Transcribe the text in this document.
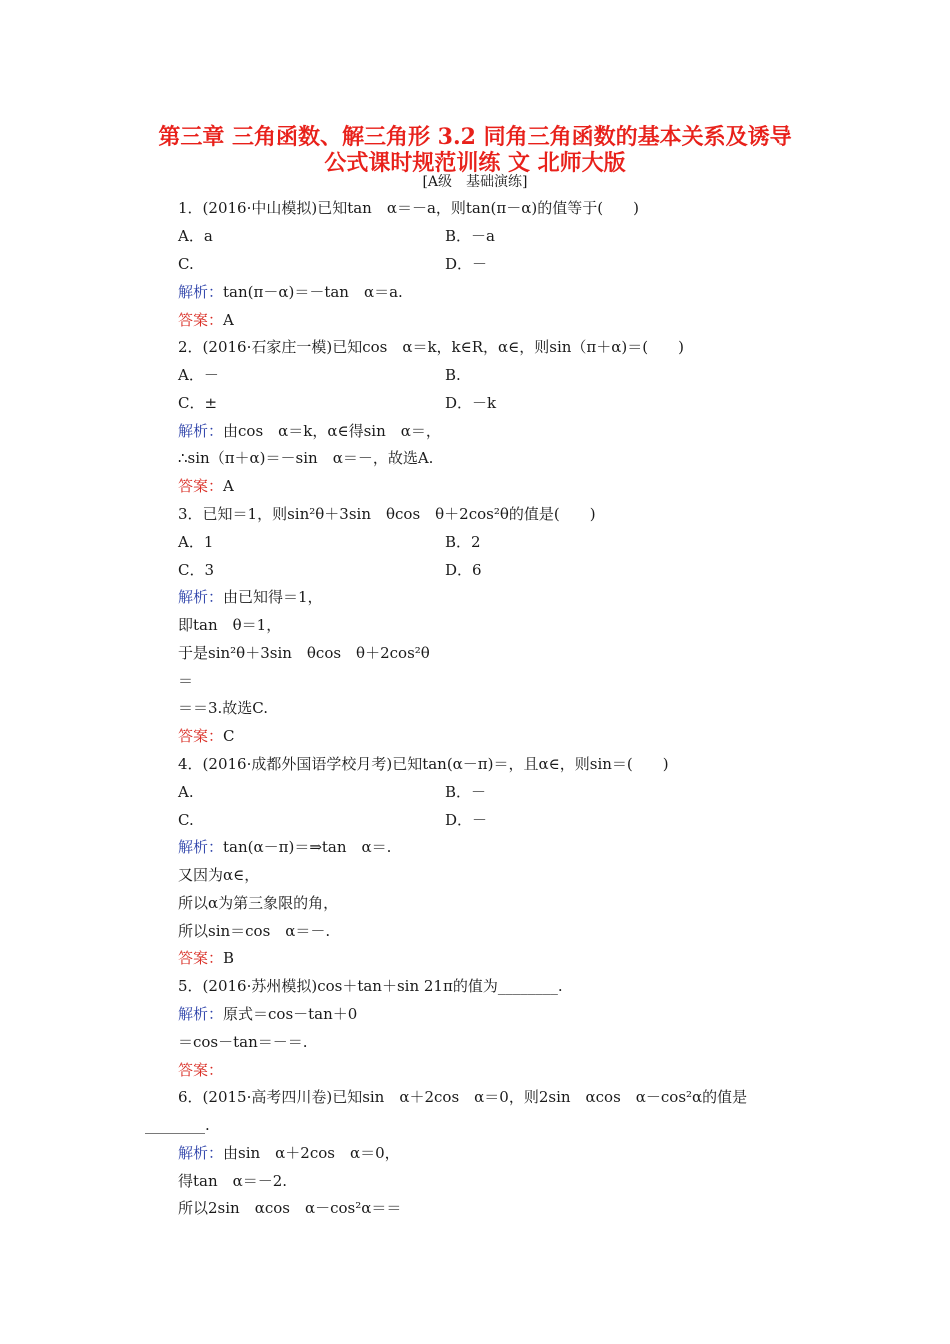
第三章 三角函数、解三角形 3.2 同角三角函数的基本关系及诱导
公式课时规范训练 文 北师大版
[A级　基础演练]
1．(2016·中山模拟)已知tan　α＝－a，则tan(π－α)的值等于(　　)
A．a	B．－a
C.	D．－
解析：tan(π－α)＝－tan　α＝a.
答案：A
2．(2016·石家庄一模)已知cos　α＝k，k∈R，α∈，则sin（π＋α)＝(　　)
A．－	B.
C．±	D．－k
解析：由cos　α＝k，α∈得sin　α＝，
∴sin（π＋α)＝－sin　α＝－，故选A.
答案：A
3．已知＝1，则sin²θ＋3sin　θcos　θ＋2cos²θ的值是(　　)
A．1	B．2
C．3	D．6
解析：由已知得＝1，
即tan　θ＝1，
于是sin²θ＋3sin　θcos　θ＋2cos²θ
＝
＝＝3.故选C.
答案：C
4．(2016·成都外国语学校月考)已知tan(α－π)＝，且α∈，则sin＝(　　)
A.	B．－
C.	D．－
解析：tan(α－π)＝⇒tan　α＝.
又因为α∈，
所以α为第三象限的角，
所以sin＝cos　α＝－.
答案：B
5．(2016·苏州模拟)cos＋tan＋sin 21π的值为________.
解析：原式＝cos－tan＋0
＝cos－tan＝－＝.
答案：
6．(2015·高考四川卷)已知sin　α＋2cos　α＝0，则2sin　αcos　α－cos²α的值是
________.
解析：由sin　α＋2cos　α＝0，
得tan　α＝－2.
所以2sin　αcos　α－cos²α＝＝
